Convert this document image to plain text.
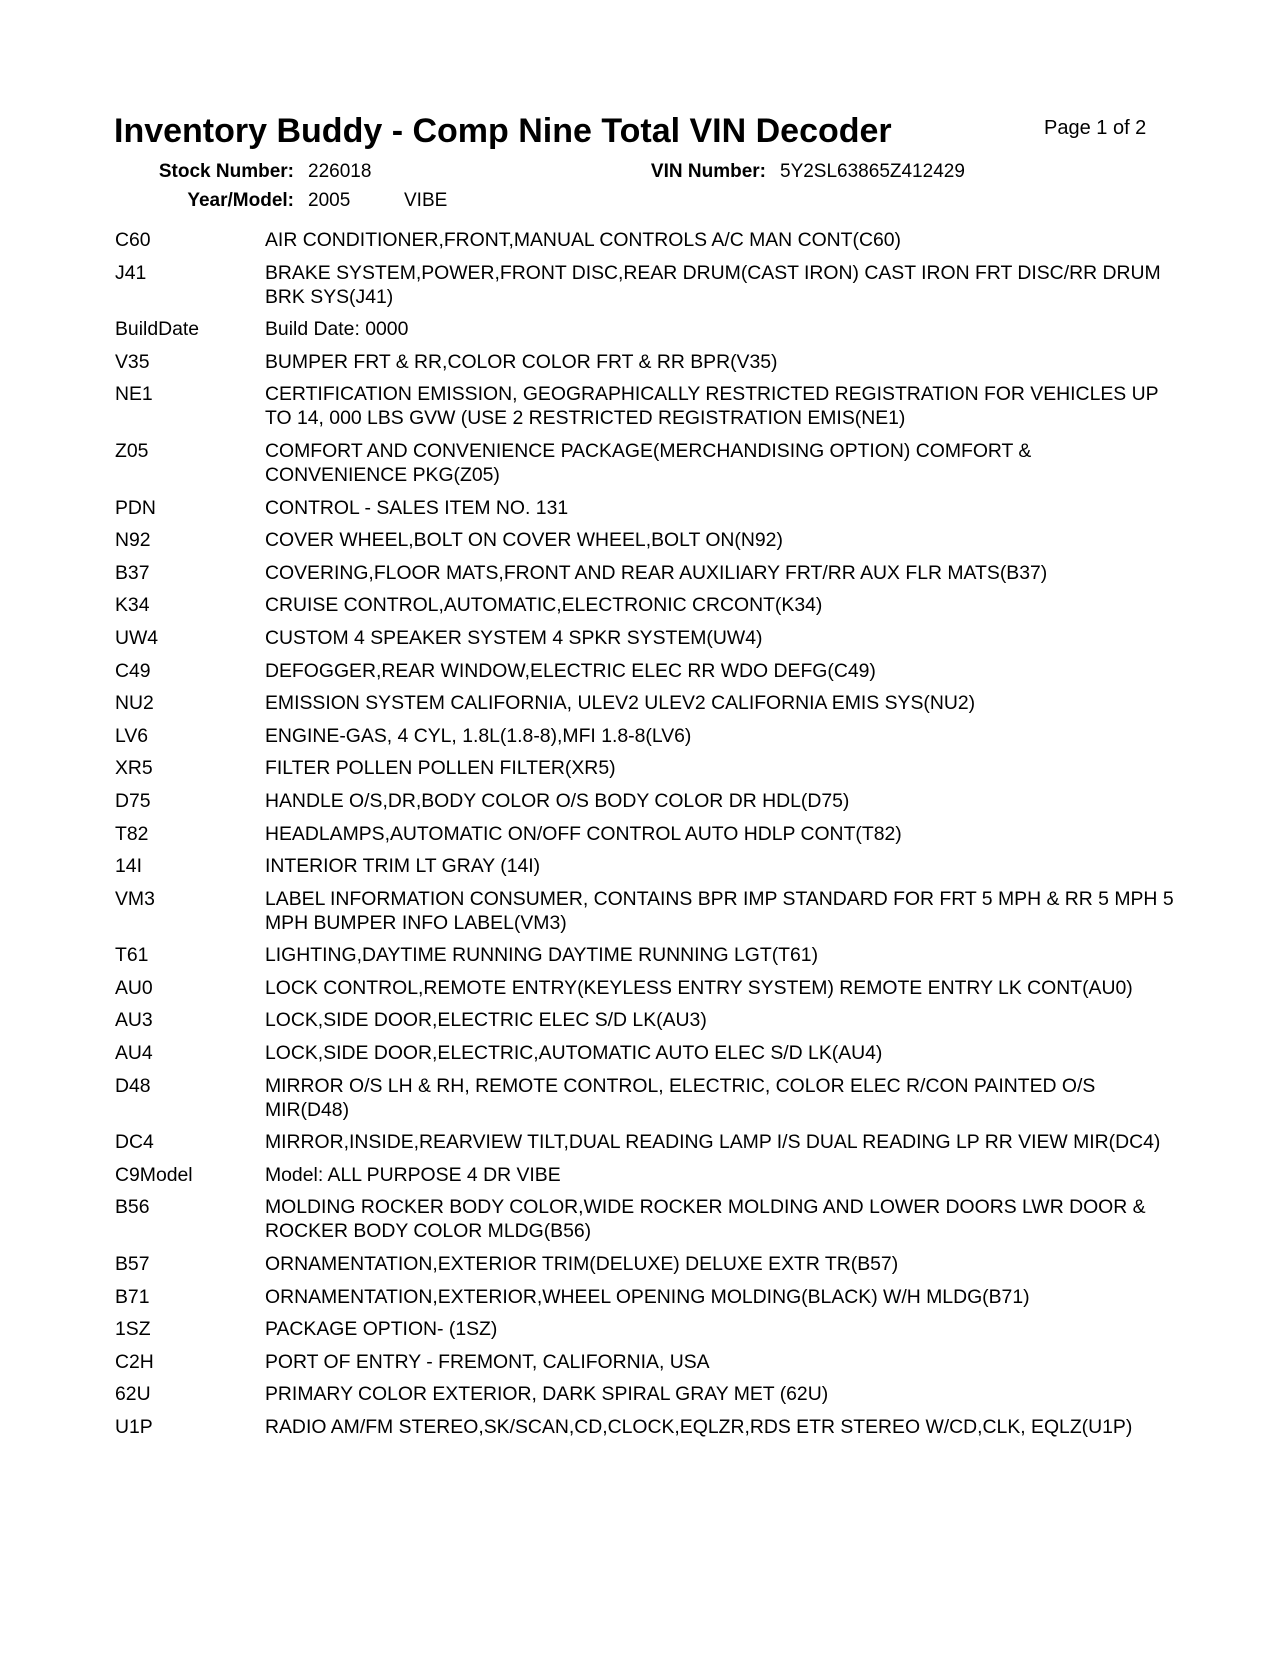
Inventory Buddy - Comp Nine Total VIN Decoder	Page 1 of 2
Stock Number: 226018	VIN Number: 5Y2SL63865Z412429
Year/Model: 2005	VIBE
C60	AIR CONDITIONER,FRONT,MANUAL CONTROLS A/C MAN CONT(C60)
J41	BRAKE SYSTEM,POWER,FRONT DISC,REAR DRUM(CAST IRON) CAST IRON FRT DISC/RR DRUM BRK SYS(J41)
BuildDate	Build Date: 0000
V35	BUMPER FRT & RR,COLOR COLOR FRT & RR BPR(V35)
NE1	CERTIFICATION EMISSION, GEOGRAPHICALLY RESTRICTED REGISTRATION FOR VEHICLES UP TO 14, 000 LBS GVW (USE 2 RESTRICTED REGISTRATION EMIS(NE1)
Z05	COMFORT AND CONVENIENCE PACKAGE(MERCHANDISING OPTION) COMFORT & CONVENIENCE PKG(Z05)
PDN	CONTROL - SALES ITEM NO. 131
N92	COVER WHEEL,BOLT ON COVER WHEEL,BOLT ON(N92)
B37	COVERING,FLOOR MATS,FRONT AND REAR AUXILIARY FRT/RR AUX FLR MATS(B37)
K34	CRUISE CONTROL,AUTOMATIC,ELECTRONIC CRCONT(K34)
UW4	CUSTOM 4 SPEAKER SYSTEM 4 SPKR SYSTEM(UW4)
C49	DEFOGGER,REAR WINDOW,ELECTRIC ELEC RR WDO DEFG(C49)
NU2	EMISSION SYSTEM CALIFORNIA, ULEV2 ULEV2 CALIFORNIA EMIS SYS(NU2)
LV6	ENGINE-GAS, 4 CYL, 1.8L(1.8-8),MFI 1.8-8(LV6)
XR5	FILTER POLLEN POLLEN FILTER(XR5)
D75	HANDLE O/S,DR,BODY COLOR O/S BODY COLOR DR HDL(D75)
T82	HEADLAMPS,AUTOMATIC ON/OFF CONTROL AUTO HDLP CONT(T82)
14I	INTERIOR TRIM LT GRAY (14I)
VM3	LABEL INFORMATION CONSUMER, CONTAINS BPR IMP STANDARD FOR FRT 5 MPH & RR 5 MPH 5 MPH BUMPER INFO LABEL(VM3)
T61	LIGHTING,DAYTIME RUNNING DAYTIME RUNNING LGT(T61)
AU0	LOCK CONTROL,REMOTE ENTRY(KEYLESS ENTRY SYSTEM) REMOTE ENTRY LK CONT(AU0)
AU3	LOCK,SIDE DOOR,ELECTRIC ELEC S/D LK(AU3)
AU4	LOCK,SIDE DOOR,ELECTRIC,AUTOMATIC AUTO ELEC S/D LK(AU4)
D48	MIRROR O/S LH & RH, REMOTE CONTROL, ELECTRIC, COLOR ELEC R/CON PAINTED O/S MIR(D48)
DC4	MIRROR,INSIDE,REARVIEW TILT,DUAL READING LAMP I/S DUAL READING LP RR VIEW MIR(DC4)
C9Model	Model: ALL PURPOSE 4 DR VIBE
B56	MOLDING ROCKER BODY COLOR,WIDE ROCKER MOLDING AND LOWER DOORS LWR DOOR & ROCKER BODY COLOR MLDG(B56)
B57	ORNAMENTATION,EXTERIOR TRIM(DELUXE) DELUXE EXTR TR(B57)
B71	ORNAMENTATION,EXTERIOR,WHEEL OPENING MOLDING(BLACK) W/H MLDG(B71)
1SZ	PACKAGE OPTION- (1SZ)
C2H	PORT OF ENTRY - FREMONT, CALIFORNIA, USA
62U	PRIMARY COLOR EXTERIOR, DARK SPIRAL GRAY MET (62U)
U1P	RADIO AM/FM STEREO,SK/SCAN,CD,CLOCK,EQLZR,RDS ETR STEREO W/CD,CLK, EQLZ(U1P)
